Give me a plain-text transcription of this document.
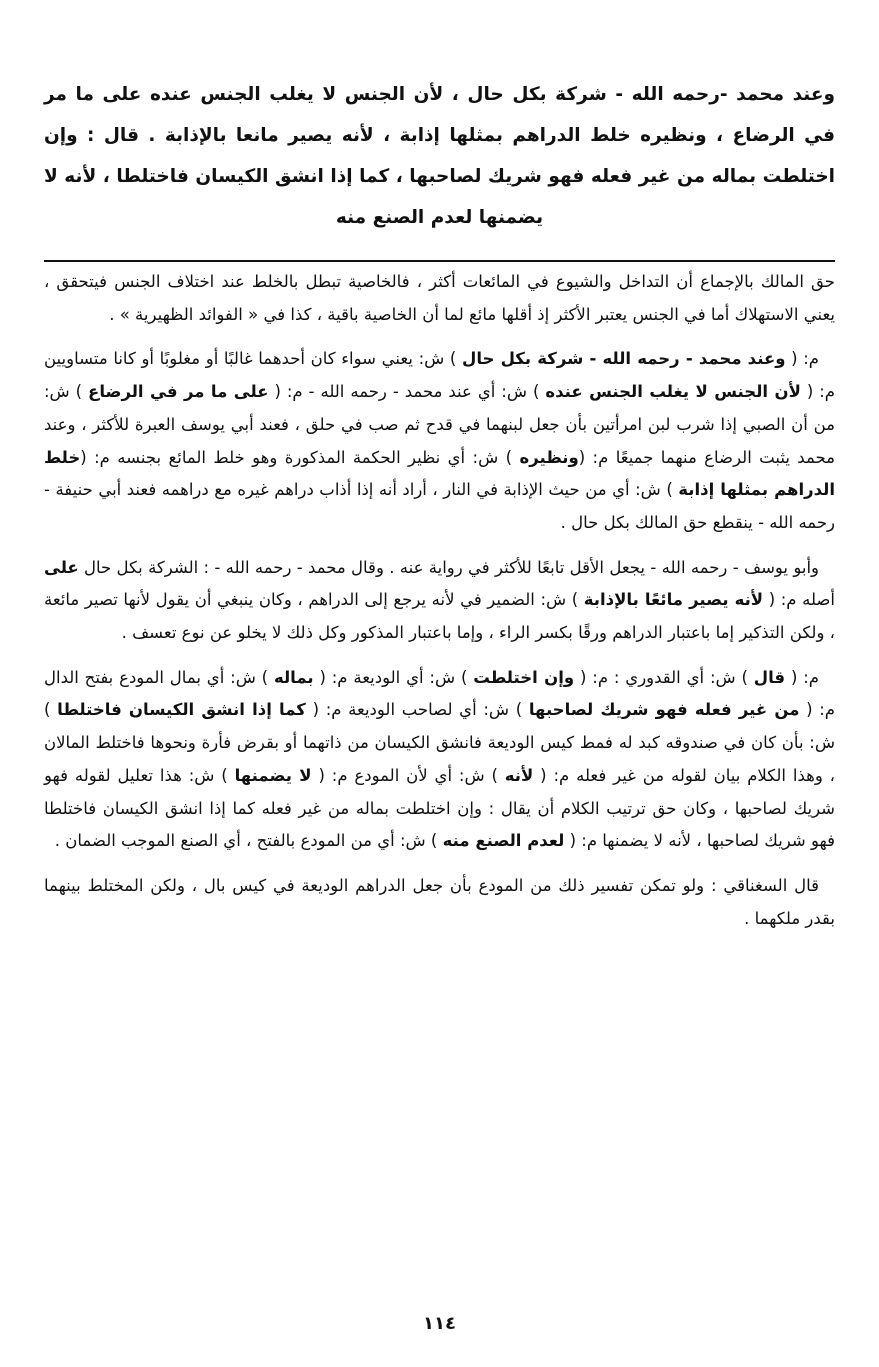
وعند محمد -رحمه الله - شركة بكل حال ، لأن الجنس لا يغلب الجنس عنده على ما مر في الرضاع ، ونظيره خلط الدراهم بمثلها إذابة ، لأنه يصير مانعا بالإذابة . قال : وإن اختلطت بماله من غير فعله فهو شريك لصاحبها ، كما إذا انشق الكيسان فاختلطا ، لأنه لا يضمنها لعدم الصنع منه

حق المالك بالإجماع أن التداخل والشيوع في المائعات أكثر ، فالخاصية تبطل بالخلط عند اختلاف الجنس فيتحقق ، يعني الاستهلاك أما في الجنس يعتبر الأكثر إذ أقلها مائع لما أن الخاصية باقية ، كذا في « الفوائد الظهيرية » .

م: ( وعند محمد - رحمه الله - شركة بكل حال ) ش: يعني سواء كان أحدهما غالبًا أو مغلوبًا أو كانا متساويين م: ( لأن الجنس لا يغلب الجنس عنده ) ش: أي عند محمد - رحمه الله - م: ( على ما مر في الرضاع ) ش: من أن الصبي إذا شرب لبن امرأتين بأن جعل لبنهما في قدح ثم صب في حلق ، فعند أبي يوسف العبرة للأكثر ، وعند محمد يثبت الرضاع منهما جميعًا م: (ونظيره ) ش: أي نظير الحكمة المذكورة وهو خلط المائع بجنسه م: (خلط الدراهم بمثلها إذابة ) ش: أي من حيث الإذابة في النار ، أراد أنه إذا أذاب دراهم غيره مع دراهمه فعند أبي حنيفة - رحمه الله - ينقطع حق المالك بكل حال .

وأبو يوسف - رحمه الله - يجعل الأقل تابعًا للأكثر في رواية عنه . وقال محمد - رحمه الله - : الشركة بكل حال على أصله م: ( لأنه يصير مائعًا بالإذابة ) ش: الضمير في لأنه يرجع إلى الدراهم ، وكان ينبغي أن يقول لأنها تصير مائعة ، ولكن التذكير إما باعتبار الدراهم ورقًا بكسر الراء ، وإما باعتبار المذكور وكل ذلك لا يخلو عن نوع تعسف .

م: ( قال ) ش: أي القدوري : م: ( وإن اختلطت ) ش: أي الوديعة م: ( بماله ) ش: أي بمال المودع بفتح الدال م: ( من غير فعله فهو شريك لصاحبها ) ش: أي لصاحب الوديعة م: ( كما إذا انشق الكيسان فاختلطا ) ش: بأن كان في صندوقه كبد له فمط كيس الوديعة فانشق الكيسان من ذاتهما أو بقرض فأرة ونحوها فاختلط المالان ، وهذا الكلام بيان لقوله من غير فعله م: ( لأنه ) ش: أي لأن المودع م: ( لا يضمنها ) ش: هذا تعليل لقوله فهو شريك لصاحبها ، وكان حق ترتيب الكلام أن يقال : وإن اختلطت بماله من غير فعله كما إذا انشق الكيسان فاختلطا فهو شريك لصاحبها ، لأنه لا يضمنها م: ( لعدم الصنع منه ) ش: أي من المودع بالفتح ، أي الصنع الموجب الضمان .

قال السغناقي : ولو تمكن تفسير ذلك من المودع بأن جعل الدراهم الوديعة في كيس بال ، ولكن المختلط بينهما بقدر ملكهما .

١١٤
